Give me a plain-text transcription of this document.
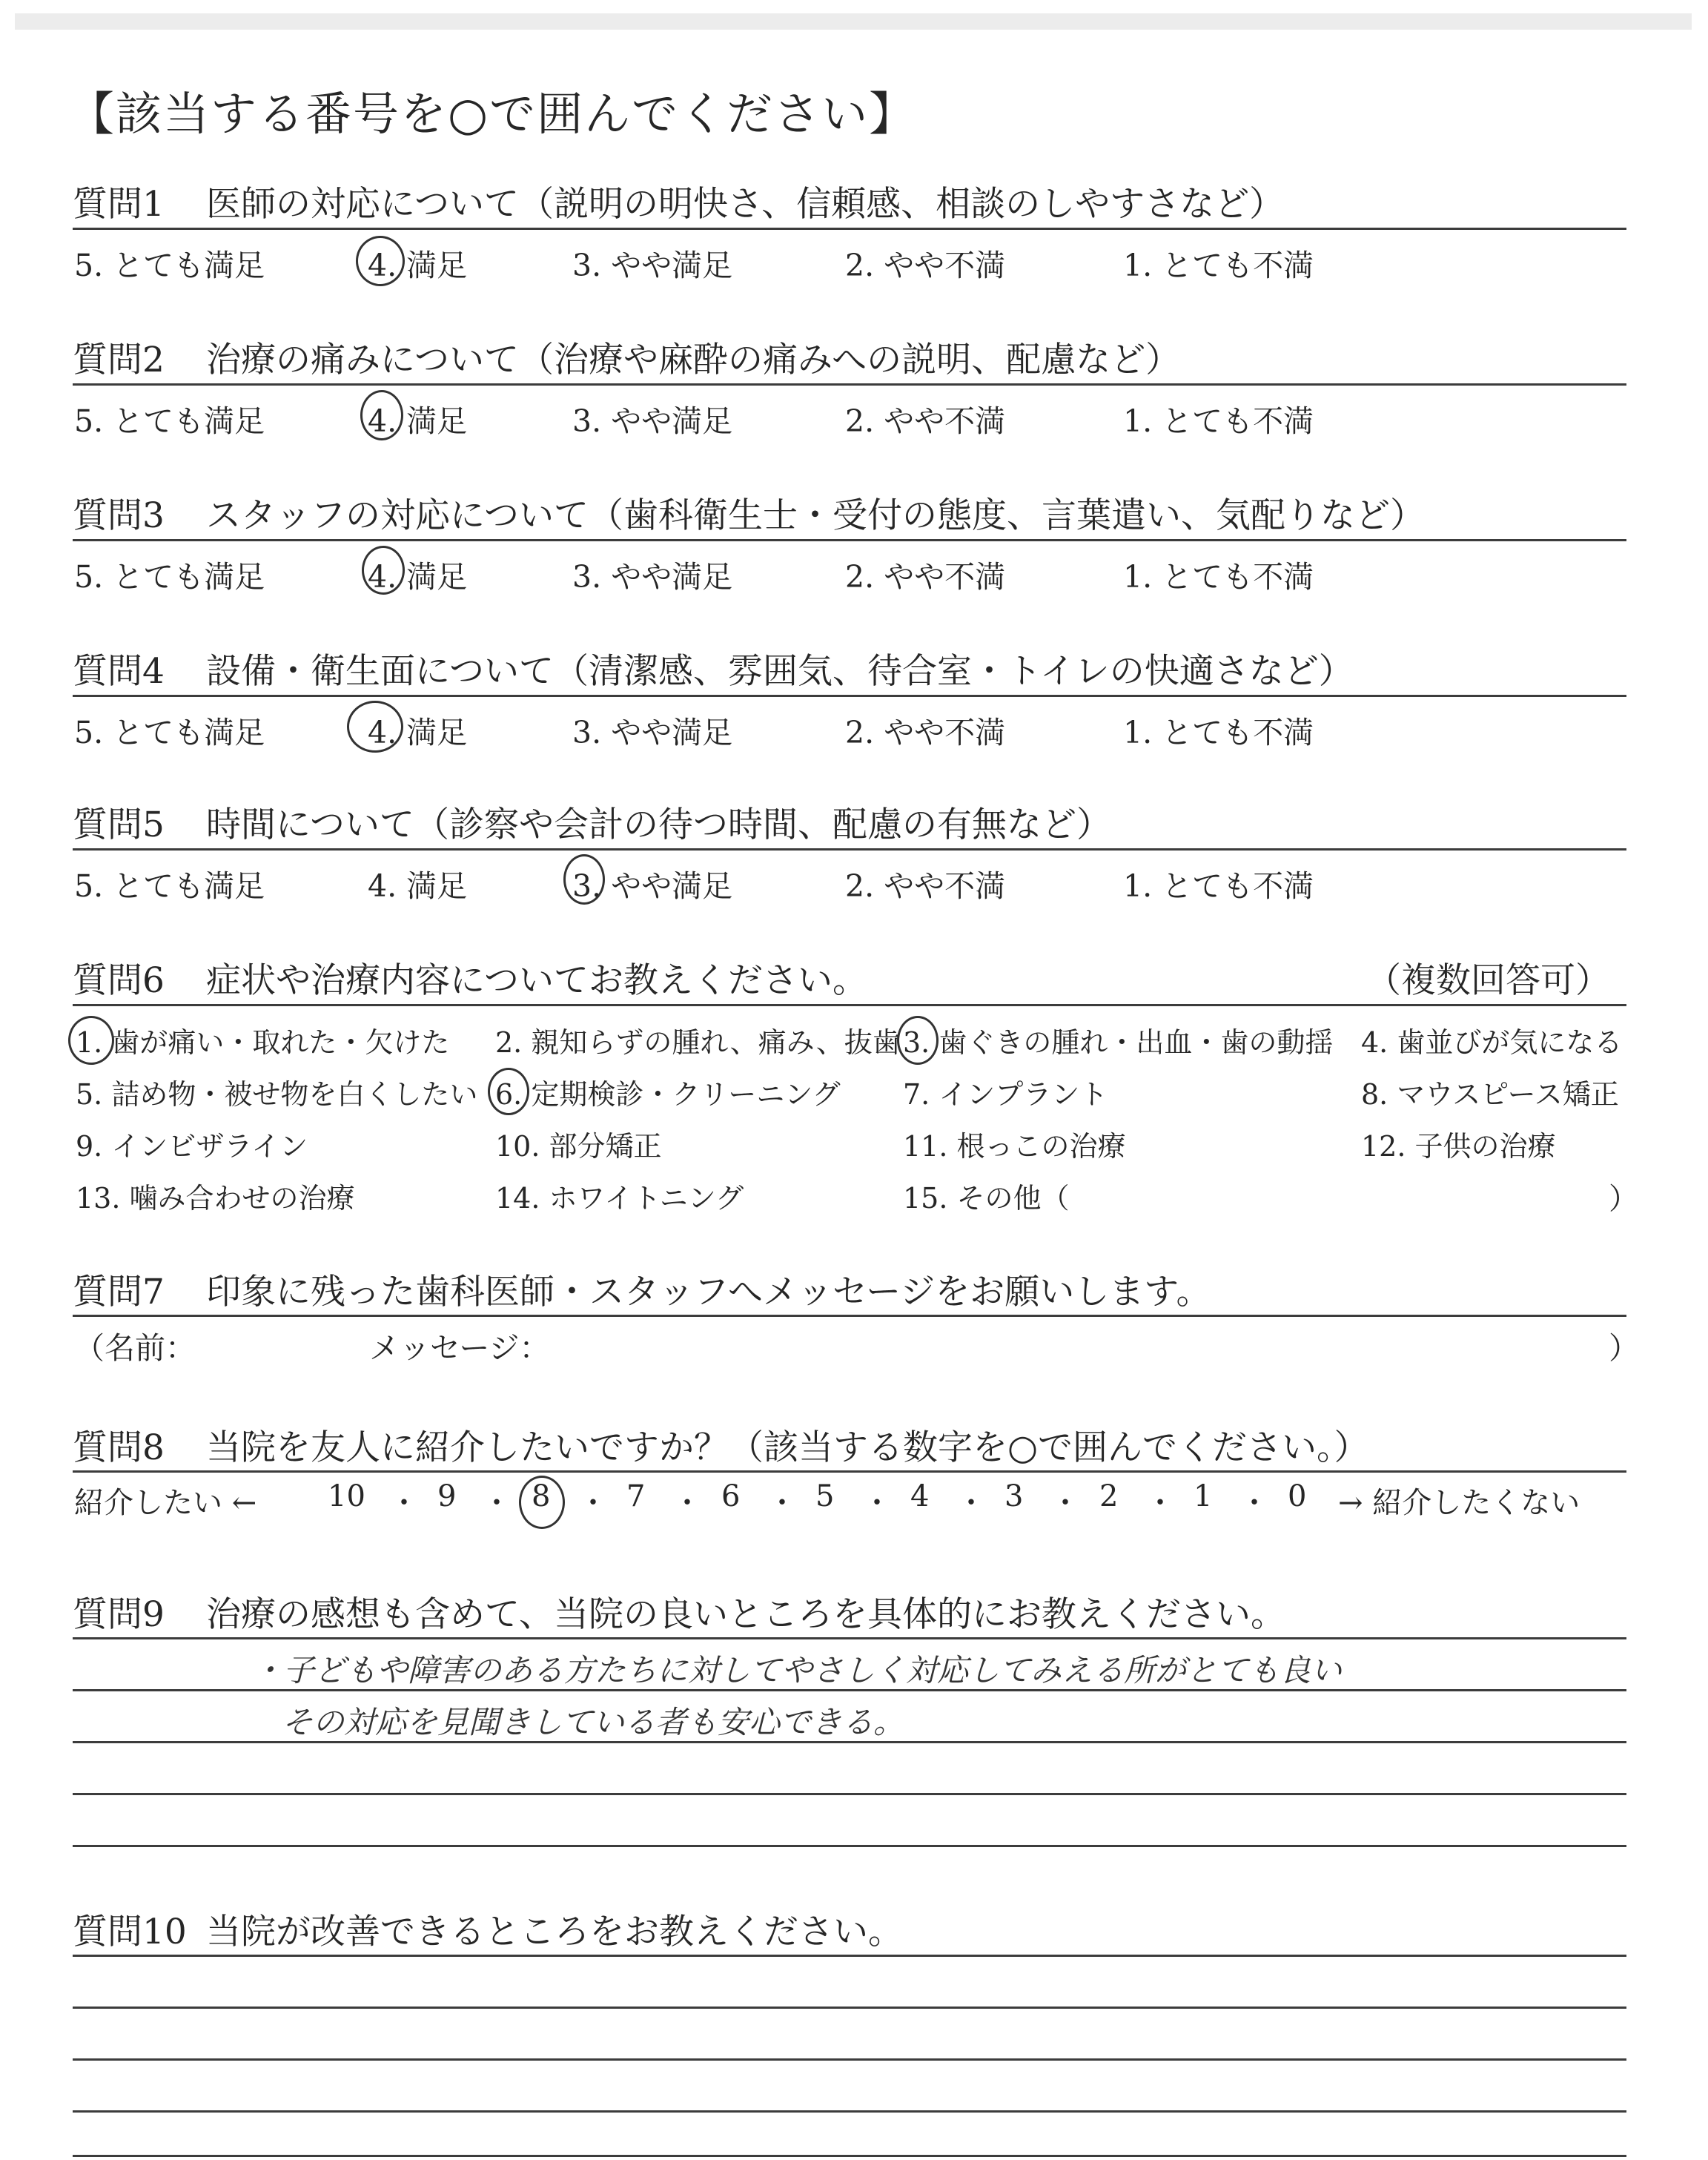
【該当する番号を○で囲んでください】
質問1 医師の対応について（説明の明快さ、信頼感、相談のしやすさなど）
5. とても満足	4. 満足	3. やや満足	2. やや不満	1. とても不満
質問2 治療の痛みについて（治療や麻酔の痛みへの説明、配慮など）
5. とても満足	4. 満足	3. やや満足	2. やや不満	1. とても不満
質問3 スタッフの対応について（歯科衛生士・受付の態度、言葉遣い、気配りなど）
5. とても満足	4. 満足	3. やや満足	2. やや不満	1. とても不満
質問4 設備・衛生面について（清潔感、雰囲気、待合室・トイレの快適さなど）
5. とても満足	4. 満足	3. やや満足	2. やや不満	1. とても不満
質問5 時間について（診察や会計の待つ時間、配慮の有無など）
5. とても満足	4. 満足	3. やや満足	2. やや不満	1. とても不満
質問6 症状や治療内容についてお教えください。	（複数回答可）
1. 歯が痛い・取れた・欠けた 2. 親知らずの腫れ、痛み、抜歯 3. 歯ぐきの腫れ・出血・歯の動揺 4. 歯並びが気になる
5. 詰め物・被せ物を白くしたい 6. 定期検診・クリーニング 7. インプラント	8. マウスピース矯正
9. インビザライン	10. 部分矯正	11. 根っこの治療	12. 子供の治療
13. 噛み合わせの治療	14. ホワイトニング	15. その他（	）
質問7 印象に残った歯科医師・スタッフへメッセージをお願いします。
（名前：	メッセージ：	）
質問8 当院を友人に紹介したいですか？（該当する数字を○で囲んでください。）
紹介したい ← 10 ・ 9 ・ 8 ・ 7 ・ 6 ・ 5 ・ 4 ・ 3 ・ 2 ・ 1 ・ 0 → 紹介したくない
質問9 治療の感想も含めて、当院の良いところを具体的にお教えください。
・子どもや障害のある方たちに対してやさしく対応してみえる所がとても良い
その対応を見聞きしている者も安心できる。
質問10 当院が改善できるところをお教えください。
